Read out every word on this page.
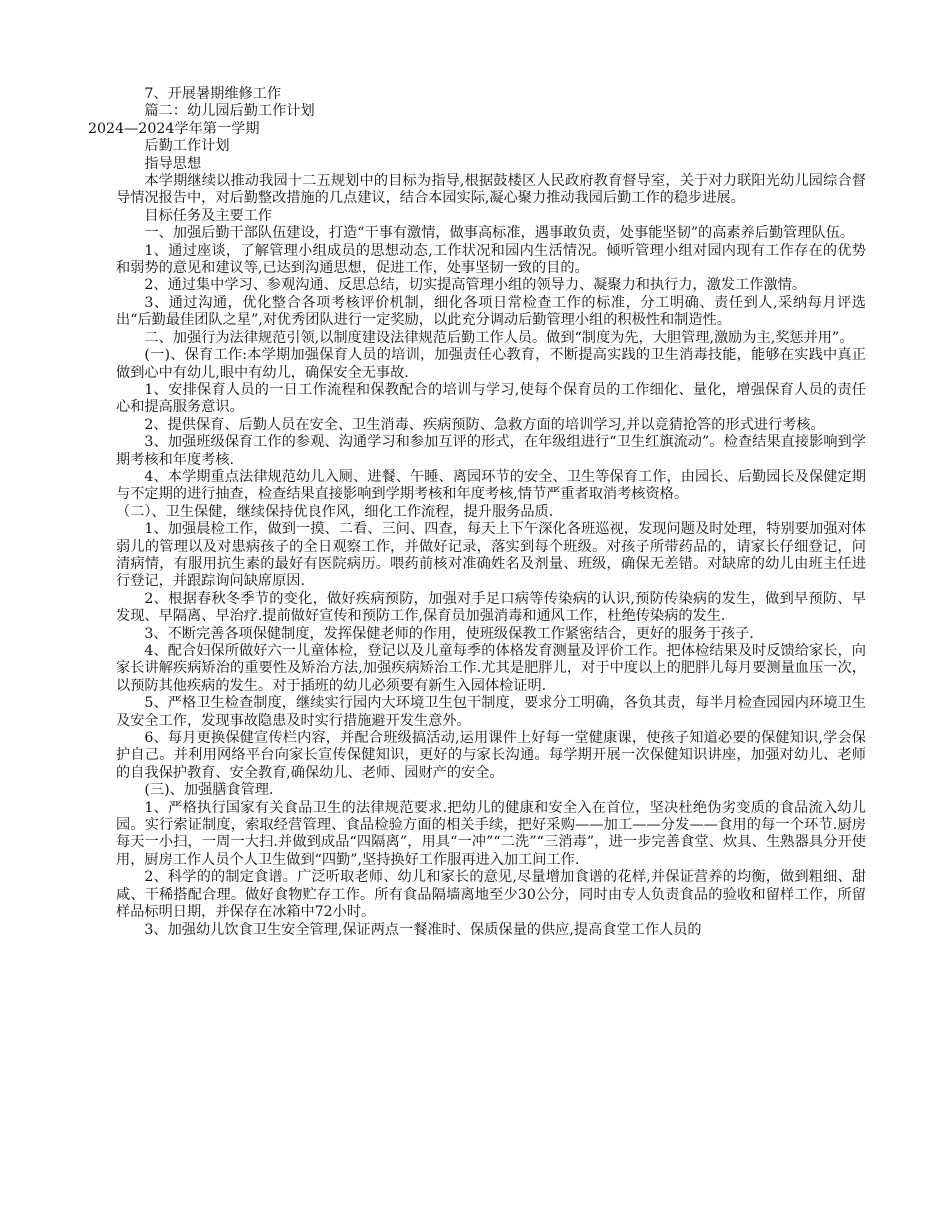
7、开展暑期维修工作

篇二：幼儿园后勤工作计划

2024—2024学年第一学期

后勤工作计划

指导思想

本学期继续以推动我园十二五规划中的目标为指导,根据鼓楼区人民政府教育督导室，关于对力联阳光幼儿园综合督导情况报告中，对后勤整改措施的几点建议，结合本园实际,凝心聚力推动我园后勤工作的稳步进展。

目标任务及主要工作

一、加强后勤干部队伍建设，打造“干事有激情，做事高标准，遇事敢负责，处事能坚韧”的高素养后勤管理队伍。

1、通过座谈，了解管理小组成员的思想动态,工作状况和园内生活情况。倾听管理小组对园内现有工作存在的优势和弱势的意见和建议等,已达到沟通思想，促进工作，处事坚韧一致的目的。

2、通过集中学习、参观沟通、反思总结，切实提高管理小组的领导力、凝聚力和执行力，激发工作激情。

3、通过沟通，优化整合各项考核评价机制，细化各项日常检查工作的标准，分工明确、责任到人,采纳每月评选出“后勤最佳团队之星”,对优秀团队进行一定奖励，以此充分调动后勤管理小组的积极性和制造性。

二、加强行为法律规范引领,以制度建设法律规范后勤工作人员。做到“制度为先，大胆管理,激励为主,奖惩并用”。

(一)、保育工作:本学期加强保育人员的培训，加强责任心教育，不断提高实践的卫生消毒技能，能够在实践中真正做到心中有幼儿,眼中有幼儿，确保安全无事故.

1、安排保育人员的一日工作流程和保教配合的培训与学习,使每个保育员的工作细化、量化，增强保育人员的责任心和提高服务意识。

2、提供保育、后勤人员在安全、卫生消毒、疾病预防、急救方面的培训学习,并以竞猜抢答的形式进行考核。

3、加强班级保育工作的参观、沟通学习和参加互评的形式，在年级组进行“卫生红旗流动”。检查结果直接影响到学期考核和年度考核.

4、本学期重点法律规范幼儿入厕、进餐、午睡、离园环节的安全、卫生等保育工作，由园长、后勤园长及保健定期与不定期的进行抽查，检查结果直接影响到学期考核和年度考核,情节严重者取消考核资格。

（二）、卫生保健，继续保持优良作风，细化工作流程，提升服务品质.

1、加强晨检工作，做到一摸、二看、三问、四查，每天上下午深化各班巡视，发现问题及时处理，特别要加强对体弱儿的管理以及对患病孩子的全日观察工作，并做好记录，落实到每个班级。对孩子所带药品的，请家长仔细登记，问清病情，有服用抗生素的最好有医院病历。喂药前核对准确姓名及剂量、班级，确保无差错。对缺席的幼儿由班主任进行登记，并跟踪询问缺席原因.

2、根据春秋冬季节的变化，做好疾病预防，加强对手足口病等传染病的认识,预防传染病的发生，做到早预防、早发现、早隔离、早治疗.提前做好宣传和预防工作,保育员加强消毒和通风工作，杜绝传染病的发生.

3、不断完善各项保健制度，发挥保健老师的作用，使班级保教工作紧密结合，更好的服务于孩子.

4、配合妇保所做好六一儿童体检，登记以及儿童每季的体格发育测量及评价工作。把体检结果及时反馈给家长，向家长讲解疾病矫治的重要性及矫治方法,加强疾病矫治工作.尤其是肥胖儿，对于中度以上的肥胖儿每月要测量血压一次，以预防其他疾病的发生。对于插班的幼儿必须要有新生入园体检证明.

5、严格卫生检查制度，继续实行园内大环境卫生包干制度，要求分工明确，各负其责，每半月检查园园内环境卫生及安全工作，发现事故隐患及时实行措施避开发生意外。

6、每月更换保健宣传栏内容，并配合班级搞活动,运用课件上好每一堂健康课，使孩子知道必要的保健知识,学会保护自己。并利用网络平台向家长宣传保健知识，更好的与家长沟通。每学期开展一次保健知识讲座，加强对幼儿、老师的自我保护教育、安全教育,确保幼儿、老师、园财产的安全。

(三)、加强膳食管理.

1、严格执行国家有关食品卫生的法律规范要求.把幼儿的健康和安全入在首位，坚决杜绝伪劣变质的食品流入幼儿园。实行索证制度，索取经营管理、食品检验方面的相关手续，把好采购——加工——分发——食用的每一个环节.厨房每天一小扫，一周一大扫.并做到成品“四隔离”，用具“一冲”“二洗”“三消毒”，进一步完善食堂、炊具、生熟器具分开使用，厨房工作人员个人卫生做到“四勤”,坚持换好工作服再进入加工间工作.

2、科学的的制定食谱。广泛听取老师、幼儿和家长的意见,尽量增加食谱的花样,并保证营养的均衡，做到粗细、甜咸、干稀搭配合理。做好食物贮存工作。所有食品隔墙离地至少30公分，同时由专人负责食品的验收和留样工作，所留样品标明日期，并保存在冰箱中72小时。

3、加强幼儿饮食卫生安全管理,保证两点一餐准时、保质保量的供应,提高食堂工作人员的
